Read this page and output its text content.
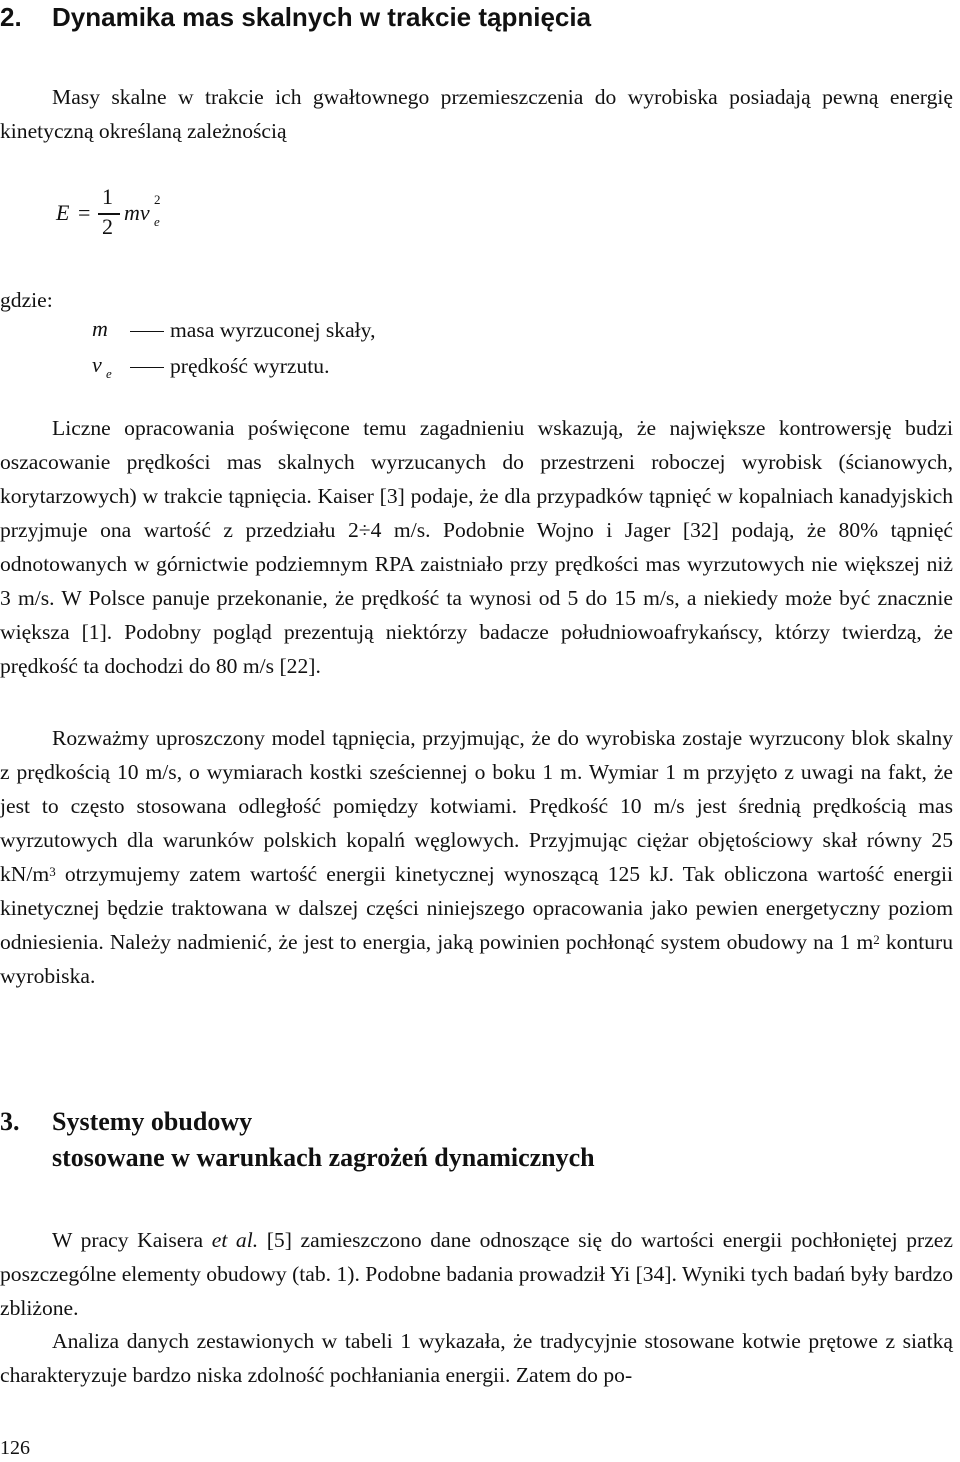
2. Dynamika mas skalnych w trakcie tąpnięcia

Masy skalne w trakcie ich gwałtownego przemieszczenia do wyrobiska posiadają pewną energię kinetyczną określaną zależnością

E =
1
2
mv
2
e
gdzie:
m	masa wyrzuconej skały,
v e	prędkość wyrzutu.

Liczne opracowania poświęcone temu zagadnieniu wskazują, że największe kontrowersję budzi oszacowanie prędkości mas skalnych wyrzucanych do przestrzeni roboczej wyrobisk (ścianowych, korytarzowych) w trakcie tąpnięcia. Kaiser [3] podaje, że dla przypadków tąpnięć w kopalniach kanadyjskich przyjmuje ona wartość z przedziału 2÷4 m/s. Podobnie Wojno i Jager [32] podają, że 80% tąpnięć odnotowanych w górnictwie podziemnym RPA zaistniało przy prędkości mas wyrzutowych nie większej niż 3 m/s. W Polsce panuje przekonanie, że prędkość ta wynosi od 5 do 15 m/s, a niekiedy może być znacznie większa [1]. Podobny pogląd prezentują niektórzy badacze południowoafrykańscy, którzy twierdzą, że prędkość ta dochodzi do 80 m/s [22].

Rozważmy uproszczony model tąpnięcia, przyjmując, że do wyrobiska zostaje wyrzucony blok skalny z prędkością 10 m/s, o wymiarach kostki sześciennej o boku 1 m. Wymiar 1 m przyjęto z uwagi na fakt, że jest to często stosowana odległość pomiędzy kotwiami. Prędkość 10 m/s jest średnią prędkością mas wyrzutowych dla warunków polskich kopalń węglowych. Przyjmując ciężar objętościowy skał równy 25 $kN/m^3$ otrzymujemy zatem wartość energii kinetycznej wynoszącą 125 kJ. Tak obliczona wartość energii kinetycznej będzie traktowana w dalszej części niniejszego opracowania jako pewien energetyczny poziom odniesienia. Należy nadmienić, że jest to energia, jaką powinien pochłonąć system obudowy na 1 $m^2$ konturu wyrobiska.

3. Systemy obudowy
stosowane w warunkach zagrożeń dynamicznych

W pracy Kaisera et al. [5] zamieszczono dane odnoszące się do wartości energii pochłoniętej przez poszczególne elementy obudowy (tab. 1). Podobne badania prowadził Yi [34]. Wyniki tych badań były bardzo zbliżone.

Analiza danych zestawionych w tabeli 1 wykazała, że tradycyjnie stosowane kotwie prętowe z siatką charakteryzuje bardzo niska zdolność pochłaniania energii. Zatem do po-

126
